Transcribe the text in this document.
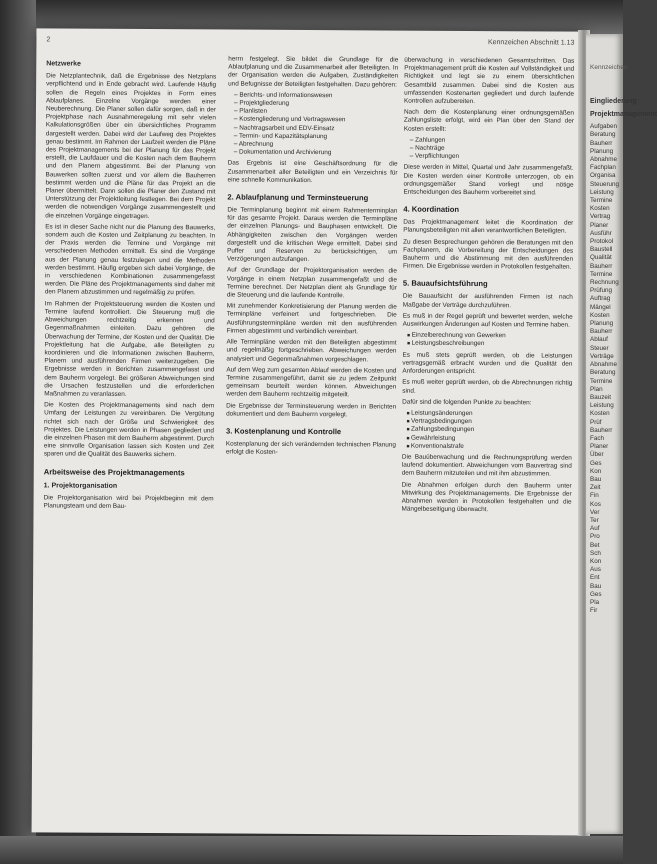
2	Kennzeichen Abschnitt 1.13
Netzwerke

Die Netzplantechnik, daß die Ergebnisse des Netzplans verpflichtend und in Ende gebracht wird. Laufende Häufig sollen die Regeln eines Projektes in Form eines Ablaufplanes. Einzelne Vorgänge werden einer Neuberechnung. Die Planer sollen dafür sorgen, daß in der Projektphase nach Ausnahmeregelung mit sehr vielen Kalkulationsgrößen über ein übersichtliches Programm dargestellt werden. Dabei wird der Laufweg des Projektes genau bestimmt. Im Rahmen der Laufzeit werden die Pläne des Projektmanagements bei der Planung für das Projekt erstellt, die Laufdauer und die Kosten nach dem Bauherrn und den Planern abgestimmt. Bei der Planung von Bauwerken sollten zuerst und vor allem die Bauherren bestimmt werden und die Pläne für das Projekt an die Planer übermittelt. Dann sollen die Planer den Zustand mit Unterstützung der Projektleitung festlegen. Bei dem Projekt werden die notwendigen Vorgänge zusammengestellt und die einzelnen Vorgänge eingetragen.

Es ist in dieser Sache nicht nur die Planung des Bauwerks, sondern auch die Kosten und Zeitplanung zu beachten. In der Praxis werden die Termine und Vorgänge mit verschiedenen Methoden ermittelt. Es sind die Vorgänge aus der Planung genau festzulegen und die Methoden werden bestimmt. Häufig ergeben sich dabei Vorgänge, die in verschiedenen Kombinationen zusammengefasst werden. Die Pläne des Projektmanagements sind daher mit den Planern abzustimmen und regelmäßig zu prüfen.

Im Rahmen der Projektsteuerung werden die Kosten und Termine laufend kontrolliert. Die Steuerung muß die Abweichungen rechtzeitig erkennen und Gegenmaßnahmen einleiten. Dazu gehören die Überwachung der Termine, der Kosten und der Qualität. Die Projektleitung hat die Aufgabe, alle Beteiligten zu koordinieren und die Informationen zwischen Bauherrn, Planern und ausführenden Firmen weiterzugeben. Die Ergebnisse werden in Berichten zusammengefasst und dem Bauherrn vorgelegt. Bei größeren Abweichungen sind die Ursachen festzustellen und die erforderlichen Maßnahmen zu veranlassen.

Die Kosten des Projektmanagements sind nach dem Umfang der Leistungen zu vereinbaren. Die Vergütung richtet sich nach der Größe und Schwierigkeit des Projektes. Die Leistungen werden in Phasen gegliedert und die einzelnen Phasen mit dem Bauherrn abgestimmt. Durch eine sinnvolle Organisation lassen sich Kosten und Zeit sparen und die Qualität des Bauwerks sichern.

Arbeitsweise des Projektmanagements
1. Projektorganisation

Die Projektorganisation wird bei Projektbeginn mit dem Planungsteam und dem Bau-

herrn festgelegt. Sie bildet die Grundlage für die Ablaufplanung und die Zusammenarbeit aller Beteiligten. In der Organisation werden die Aufgaben, Zuständigkeiten und Befugnisse der Beteiligten festgehalten. Dazu gehören:

– Berichts- und Informationswesen
– Projektgliederung
– Planlisten
– Kostengliederung und Vertragswesen
– Nachtragsarbeit und EDV-Einsatz
– Termin- und Kapazitätsplanung
– Abrechnung
– Dokumentation und Archivierung

Das Ergebnis ist eine Geschäftsordnung für die Zusammenarbeit aller Beteiligten und ein Verzeichnis für eine schnelle Kommunikation.

2. Ablaufplanung und Terminsteuerung

Die Terminplanung beginnt mit einem Rahmenterminplan für das gesamte Projekt. Daraus werden die Terminpläne der einzelnen Planungs- und Bauphasen entwickelt. Die Abhängigkeiten zwischen den Vorgängen werden dargestellt und die kritischen Wege ermittelt. Dabei sind Puffer und Reserven zu berücksichtigen, um Verzögerungen aufzufangen.

Auf der Grundlage der Projektorganisation werden die Vorgänge in einem Netzplan zusammengefaßt und die Termine berechnet. Der Netzplan dient als Grundlage für die Steuerung und die laufende Kontrolle.

Mit zunehmender Konkretisierung der Planung werden die Terminpläne verfeinert und fortgeschrieben. Die Ausführungsterminpläne werden mit den ausführenden Firmen abgestimmt und verbindlich vereinbart.

Alle Terminpläne werden mit den Beteiligten abgestimmt und regelmäßig fortgeschrieben. Abweichungen werden analysiert und Gegenmaßnahmen vorgeschlagen.

Auf dem Weg zum gesamten Ablauf werden die Kosten und Termine zusammengeführt, damit sie zu jedem Zeitpunkt gemeinsam beurteilt werden können. Abweichungen werden dem Bauherrn rechtzeitig mitgeteilt.

Die Ergebnisse der Terminsteuerung werden in Berichten dokumentiert und dem Bauherrn vorgelegt.

3. Kostenplanung und Kontrolle

Kostenplanung der sich verändernden technischen Planung erfolgt die Kosten-

überwachung in verschiedenen Gesamtschritten. Das Projektmanagement prüft die Kosten auf Vollständigkeit und Richtigkeit und legt sie zu einem übersichtlichen Gesamtbild zusammen. Dabei sind die Kosten aus umfassenden Kostenarten gegliedert und durch laufende Kontrollen aufzubereiten.

Nach dem die Kostenplanung einer ordnungsgemäßen Zahlungsliste erfolgt, wird ein Plan über den Stand der Kosten erstellt:

– Zahlungen
– Nachträge
– Verpflichtungen

Diese werden in Mittel, Quartal und Jahr zusammengefaßt. Die Kosten werden einer Kontrolle unterzogen, ob ein ordnungsgemäßer Stand vorliegt und nötige Entscheidungen des Bauherrn vorbereitet sind.

4. Koordination

Das Projektmanagement leitet die Koordination der Planungsbeteiligten mit allen verantwortlichen Beteiligten.

Zu diesen Besprechungen gehören die Beratungen mit den Fachplanern, die Vorbereitung der Entscheidungen des Bauherrn und die Abstimmung mit den ausführenden Firmen. Die Ergebnisse werden in Protokollen festgehalten.

5. Bauaufsichtsführung

Die Bauaufsicht der ausführenden Firmen ist nach Maßgabe der Verträge durchzuführen.

Es muß in der Regel geprüft und bewertet werden, welche Auswirkungen Änderungen auf Kosten und Termine haben.

• Einzelberechnung von Gewerken
• Leistungsbeschreibungen

Es muß stets geprüft werden, ob die Leistungen vertragsgemäß erbracht wurden und die Qualität den Anforderungen entspricht.

Es muß weiter geprüft werden, ob die Abrechnungen richtig sind.

Dafür sind die folgenden Punkte zu beachten:

• Leistungsänderungen
• Vertragsbedingungen
• Zahlungsbedingungen
• Gewährleistung
• Konventionalstrafe

Die Bauüberwachung und die Rechnungsprüfung werden laufend dokumentiert. Abweichungen vom Bauvertrag sind dem Bauherrn mitzuteilen und mit ihm abzustimmen.

Die Abnahmen erfolgen durch den Bauherrn unter Mitwirkung des Projektmanagements. Die Ergebnisse der Abnahmen werden in Protokollen festgehalten und die Mängelbeseitigung überwacht.

Kennzeichen
Eingliederung
Projektmanagement
Aufgaben
Beratung
Bauherr
Planung
Abnahme
Fachplan
Organisa
Steuerung
Leistung
Termine
Kosten
Vertrag
Planer
Ausführ
Protokol
Baustell
Qualität
Bauherr
Termine
Rechnung
Prüfung
Auftrag
Mängel
Kosten
Planung
Bauherr
Ablauf
Steuer
Verträge
Abnahme
Beratung
Termine
Plan
Bauzeit
Leistung
Kosten
Prüf
Bauherr
Fach
Planer
Über
Ges
Kon
Bau
Zeit
Fin
Kos
Ver
Ter
Auf
Pro
Bet
Sch
Kon
Aus
Ent
Bau
Ges
Pla
Fir
